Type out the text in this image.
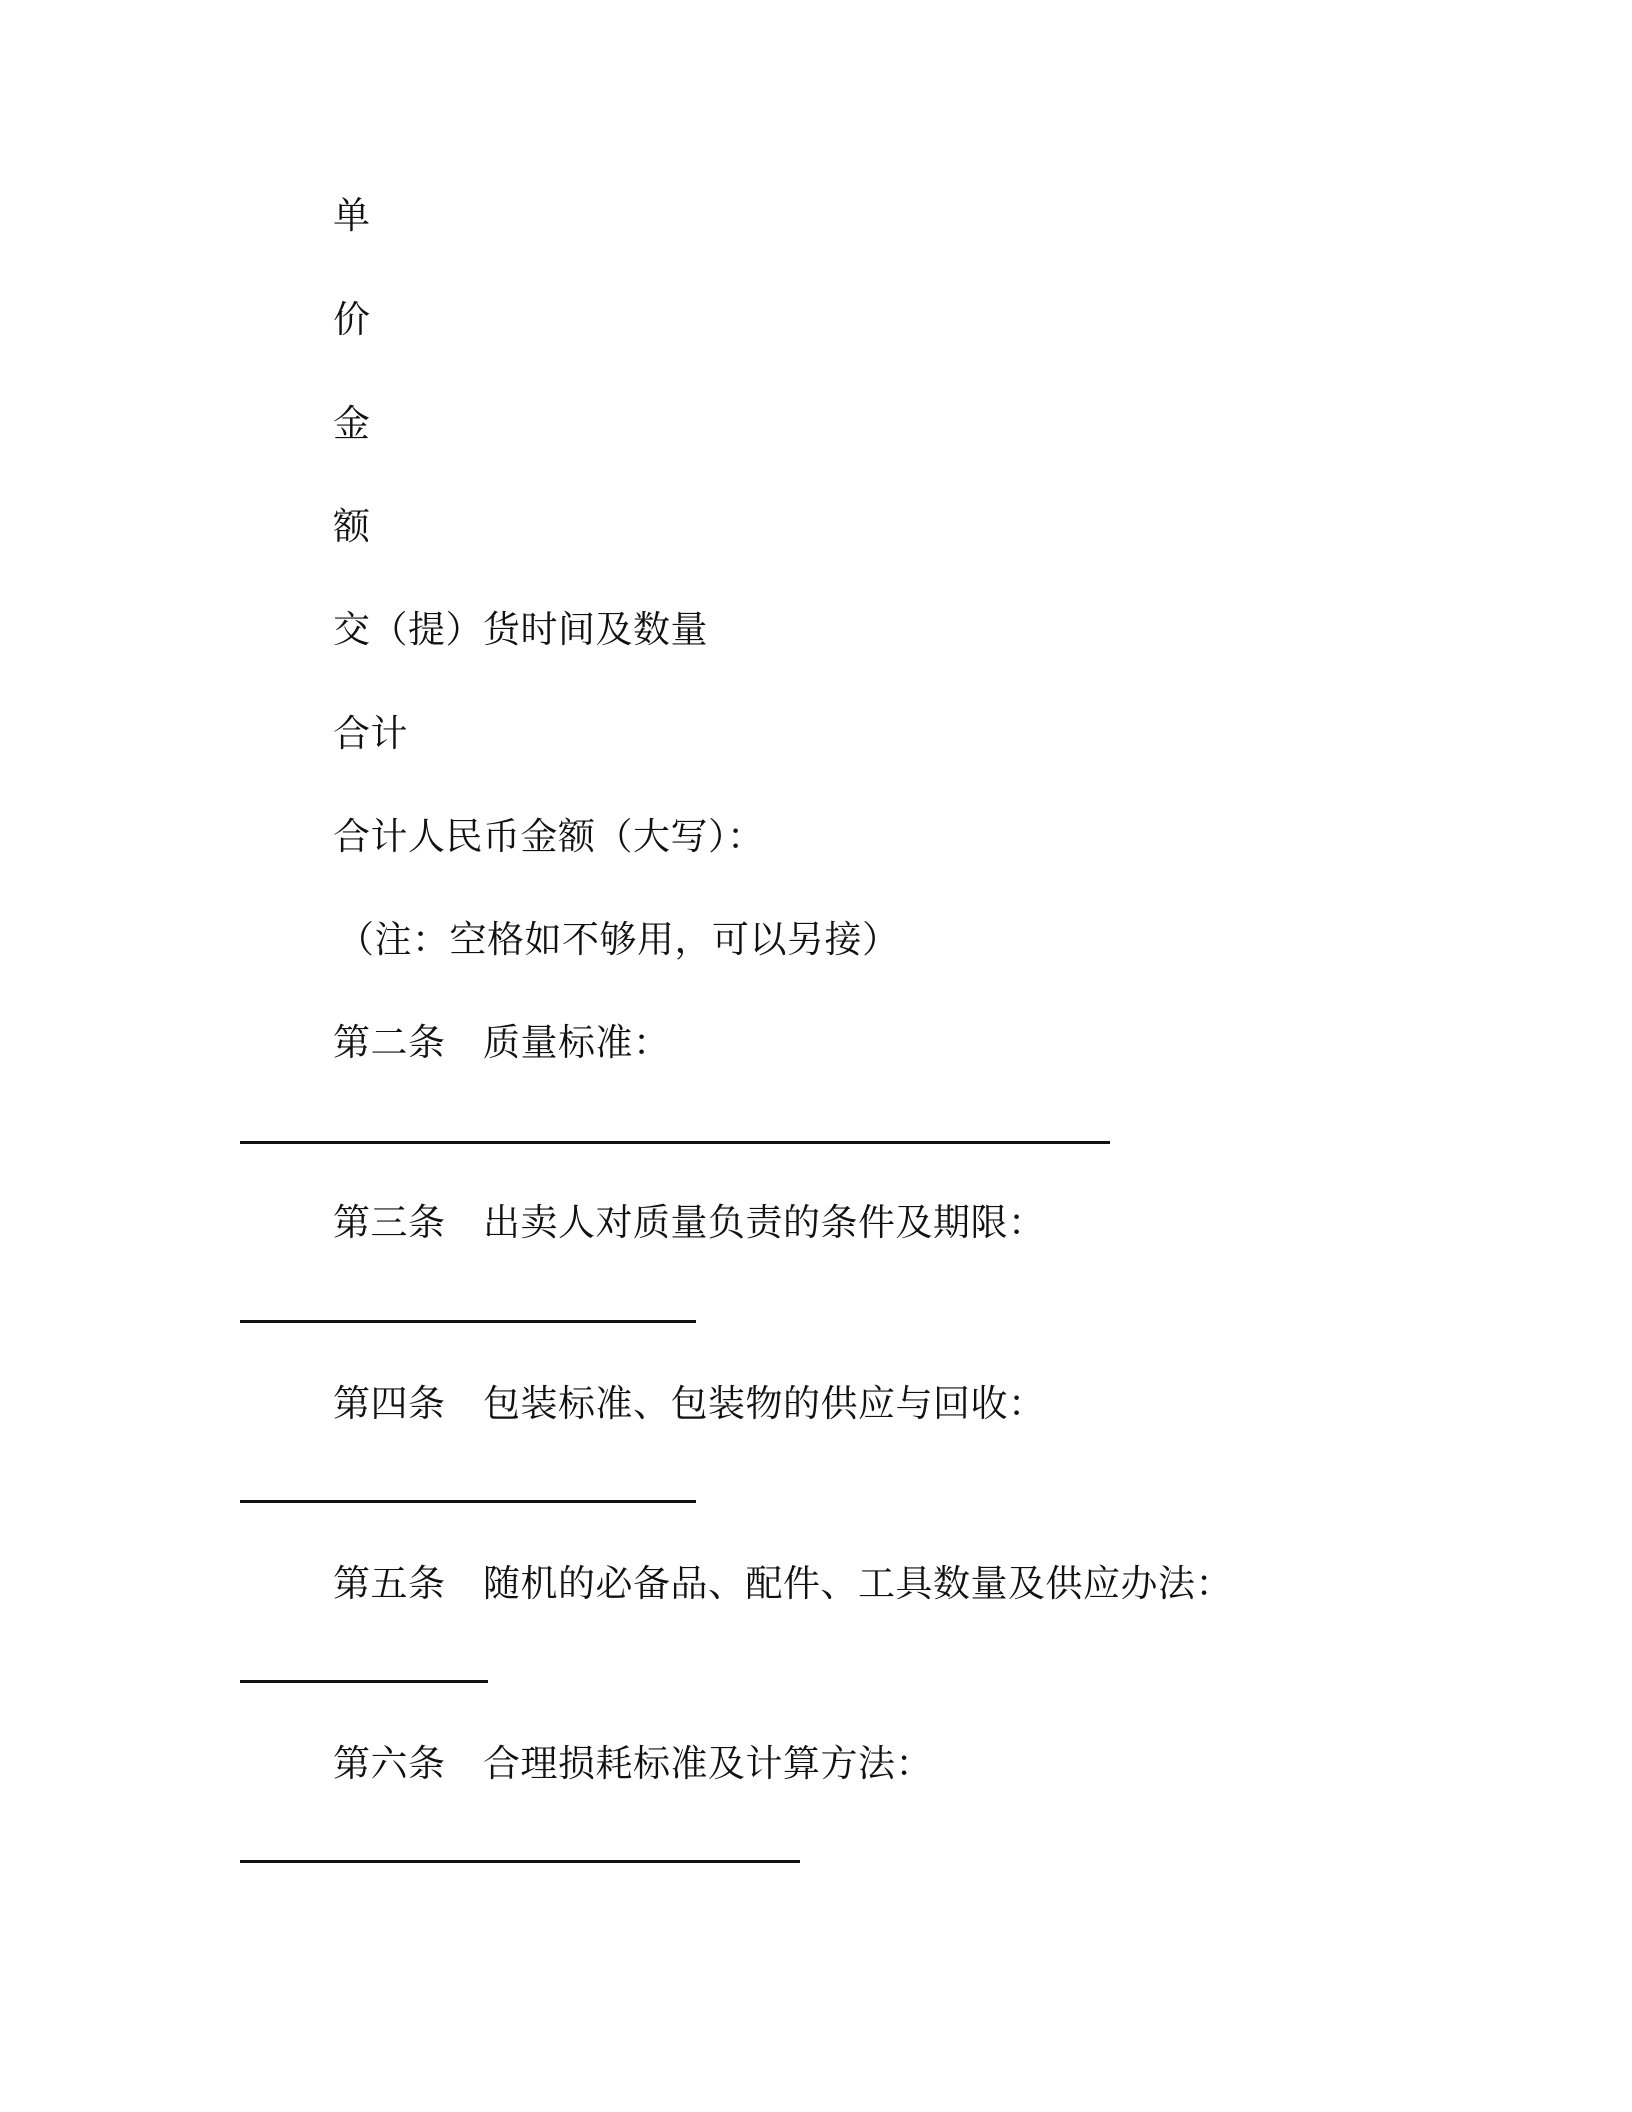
单
价
金
额
交（提）货时间及数量
合计
合计人民币金额（大写）：
（注：空格如不够用，可以另接）
第二条　质量标准：
第三条　出卖人对质量负责的条件及期限：
第四条　包装标准、包装物的供应与回收：
第五条　随机的必备品、配件、工具数量及供应办法：
第六条　合理损耗标准及计算方法：
